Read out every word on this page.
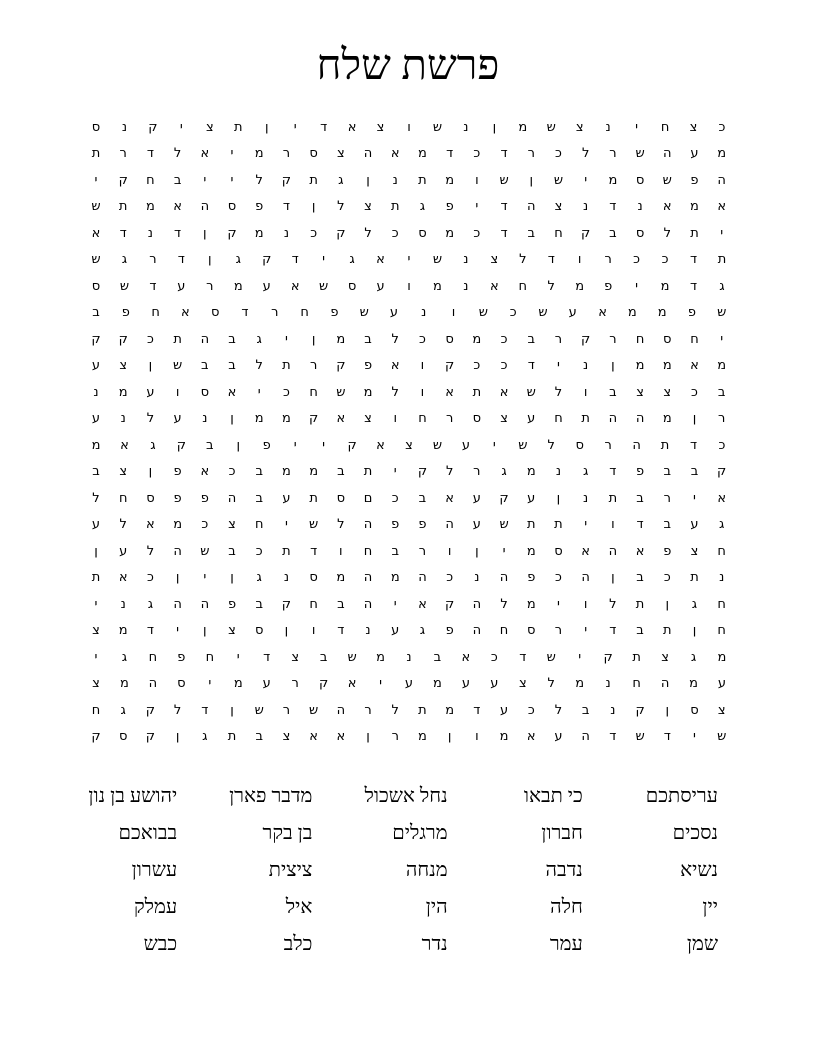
פרשת שלח
כ
צ
ח
י
נ
צ
ש
מ
ן
נ
ש
ו
צ
א
ד
י
ן
ת
צ
י
ק
נ
ס
מ
ע
ה
ש
ר
ל
כ
ר
ד
כ
ד
מ
א
ה
צ
ס
ר
מ
י
א
ל
ד
ר
ת
ה
פ
ש
ס
מ
י
ש
ן
ש
ו
מ
ת
נ
ן
ג
ת
ק
ל
י
י
ב
ח
ק
י
א
מ
א
נ
ד
נ
צ
ה
ד
י
פ
ג
ת
צ
ל
ן
ד
פ
ס
ה
א
מ
ת
ש
י
ת
ל
ס
ב
ק
ח
ב
ד
כ
מ
ס
כ
ל
ק
כ
נ
מ
ק
ן
ד
נ
ד
א
ת
ד
כ
כ
ר
ו
ד
ל
צ
נ
ש
י
א
ג
י
ד
ק
ג
ן
ד
ר
ג
ש
ג
ד
מ
י
פ
מ
ל
ח
א
נ
מ
ו
ע
ס
ש
א
ע
מ
ר
ע
ד
ש
ס
ש
פ
מ
מ
א
ע
ש
כ
ש
ו
נ
ע
ש
פ
ח
ר
ד
ס
א
ח
פ
ב
י
ח
ס
ח
ר
ק
ר
ב
כ
מ
ס
כ
ל
ב
מ
ן
י
ג
ב
ה
ת
כ
ק
ק
מ
א
מ
מ
ן
נ
י
ד
כ
כ
ק
ו
א
פ
ק
ר
ת
ל
ב
ב
ש
ן
צ
ע
ב
כ
צ
צ
ב
ו
ל
ש
א
ת
א
ו
ל
מ
ש
ח
כ
י
א
ס
ו
ע
מ
נ
ר
ן
מ
ה
ה
ת
ח
ע
צ
ס
ר
ח
ו
צ
א
ק
מ
מ
ן
נ
ע
ל
נ
ע
כ
ד
ת
ה
ר
ס
ל
ש
י
ע
ש
צ
א
ק
י
י
פ
ן
ב
ק
ג
א
מ
ק
ב
ב
פ
ד
ג
נ
מ
ג
ר
ל
ק
י
ת
ב
מ
מ
ב
כ
א
פ
ן
צ
ב
א
י
ר
ב
ת
נ
ן
ע
ק
ע
א
ב
כ
ם
ס
ת
ע
ב
ה
פ
פ
ס
ח
ל
ג
ע
ב
ד
ו
י
ת
ת
ש
ע
ה
פ
פ
ה
ל
ש
י
ח
צ
כ
מ
א
ל
ע
ח
צ
פ
א
ה
א
ס
מ
י
ן
ו
ר
ב
ח
ו
ד
ת
כ
ב
ש
ה
ל
ע
ן
נ
ת
כ
ב
ן
ה
כ
פ
ה
נ
כ
ה
מ
ה
מ
ס
נ
ג
ן
י
ן
כ
א
ת
ח
ג
ן
ת
ל
ו
י
מ
ל
ה
ק
א
י
ה
ב
ח
ק
ב
פ
ה
ה
ג
נ
י
ח
ן
ת
ב
ד
י
ר
ס
ח
ה
פ
ג
ע
נ
ד
ו
ן
ס
צ
ן
י
ד
מ
צ
מ
ג
צ
ת
ק
י
ש
ד
כ
א
ב
נ
מ
ש
ב
צ
ד
י
ח
פ
ח
ג
י
ע
מ
ה
ח
נ
מ
ל
צ
ע
ע
מ
ע
י
א
ק
ר
ע
מ
י
ס
ה
מ
צ
צ
ס
ן
ק
נ
ב
ל
כ
ע
ד
מ
ת
ל
ר
ה
ש
ר
ש
ן
ד
ל
ק
ג
ח
ש
י
ד
ש
ד
ה
ע
א
מ
ו
ן
מ
ר
ן
א
א
צ
ב
ת
ג
ן
ק
ס
ק
עריסתכם
כי תבאו
נחל אשכול
מדבר פארן
יהושע בן נון
נסכים
חברון
מרגלים
בן בקר
בבואכם
נשיא
נדבה
מנחה
ציצית
עשרון
יין
חלה
הין
איל
עמלק
שמן
עמר
נדר
כלב
כבש
